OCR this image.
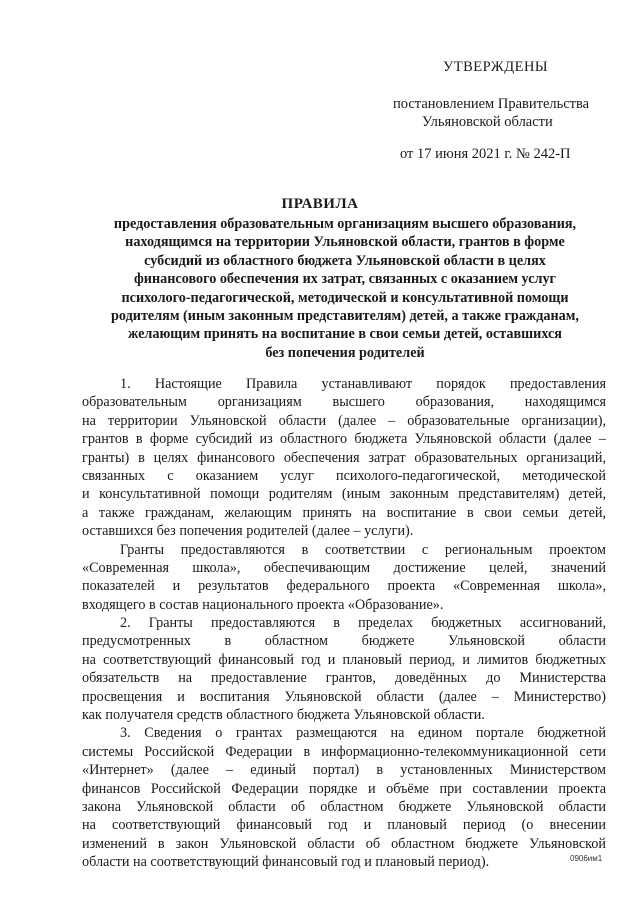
УТВЕРЖДЕНЫ
постановлением Правительства
Ульяновской области
от 17 июня 2021 г. № 242-П
ПРАВИЛА
предоставления образовательным организациям высшего образования,
находящимся на территории Ульяновской области, грантов в форме
субсидий из областного бюджета Ульяновской области в целях
финансового обеспечения их затрат, связанных с оказанием услуг
психолого-педагогической, методической и консультативной помощи
родителям (иным законным представителям) детей, а также гражданам,
желающим принять на воспитание в свои семьи детей, оставшихся
без попечения родителей
1. Настоящие Правила устанавливают порядок предоставления
образовательным организациям высшего образования, находящимся
на территории Ульяновской области (далее – образовательные организации),
грантов в форме субсидий из областного бюджета Ульяновской области (далее –
гранты) в целях финансового обеспечения затрат образовательных организаций,
связанных с оказанием услуг психолого-педагогической, методической
и консультативной помощи родителям (иным законным представителям) детей,
а также гражданам, желающим принять на воспитание в свои семьи детей,
оставшихся без попечения родителей (далее – услуги).
Гранты предоставляются в соответствии с региональным проектом
«Современная школа», обеспечивающим достижение целей, значений
показателей и результатов федерального проекта «Современная школа»,
входящего в состав национального проекта «Образование».
2. Гранты предоставляются в пределах бюджетных ассигнований,
предусмотренных в областном бюджете Ульяновской области
на соответствующий финансовый год и плановый период, и лимитов бюджетных
обязательств на предоставление грантов, доведённых до Министерства
просвещения и воспитания Ульяновской области (далее – Министерство)
как получателя средств областного бюджета Ульяновской области.
3. Сведения о грантах размещаются на едином портале бюджетной
системы Российской Федерации в информационно-телекоммуникационной сети
«Интернет» (далее – единый портал) в установленных Министерством
финансов Российской Федерации порядке и объёме при составлении проекта
закона Ульяновской области об областном бюджете Ульяновской области
на соответствующий финансовый год и плановый период (о внесении
изменений в закон Ульяновской области об областном бюджете Ульяновской
области на соответствующий финансовый год и плановый период).	0906им1
